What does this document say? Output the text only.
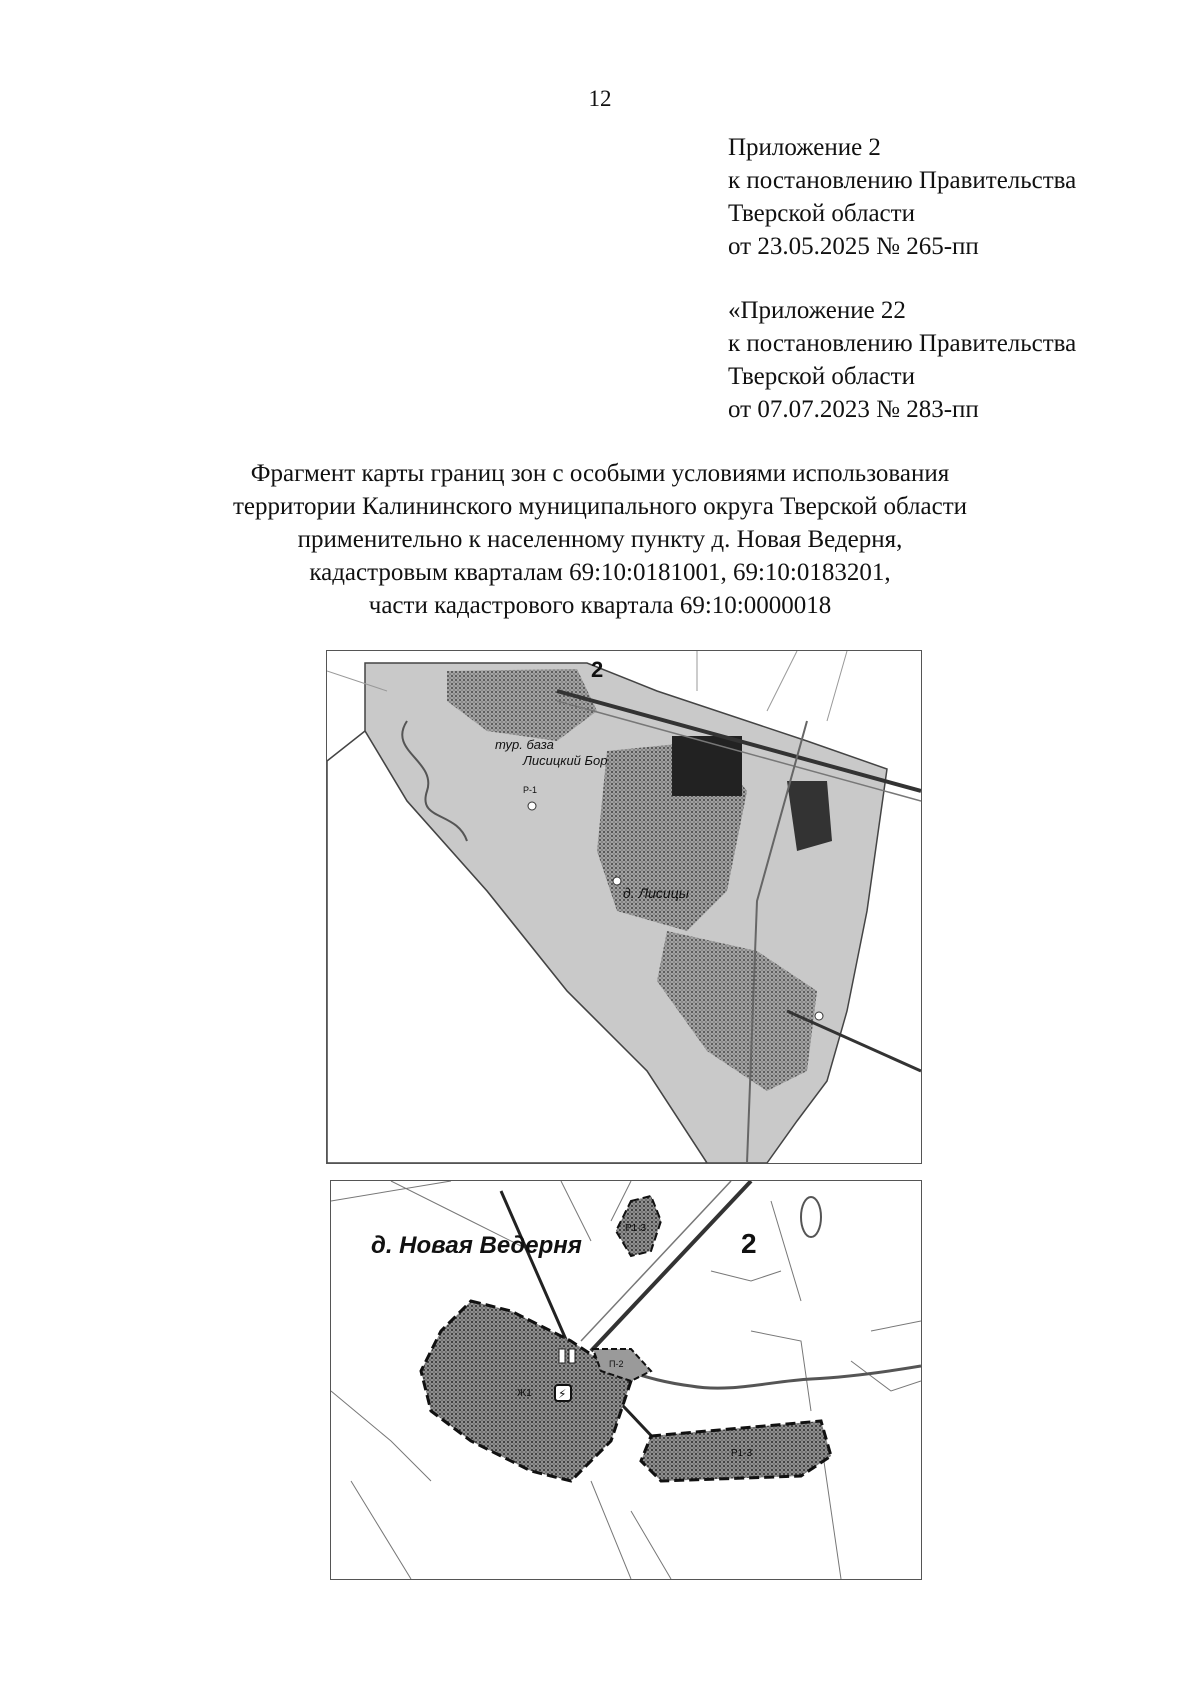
12
Приложение 2
к постановлению Правительства
Тверской области
от 23.05.2025 № 265-пп
«Приложение 22
к постановлению Правительства
Тверской области
от 07.07.2023 № 283-пп
Фрагмент карты границ зон с особыми условиями использования
территории Калининского муниципального округа Тверской области
применительно к населенному пункту д. Новая Ведерня,
кадастровым кварталам 69:10:0181001, 69:10:0183201,
части кадастрового квартала 69:10:0000018
2
тур. база
Лисицкий Бор
Р-1
д. Лисицы
⚡
д. Новая Ведерня	2
Р1-3
Р1-3
Ж1
П-2
